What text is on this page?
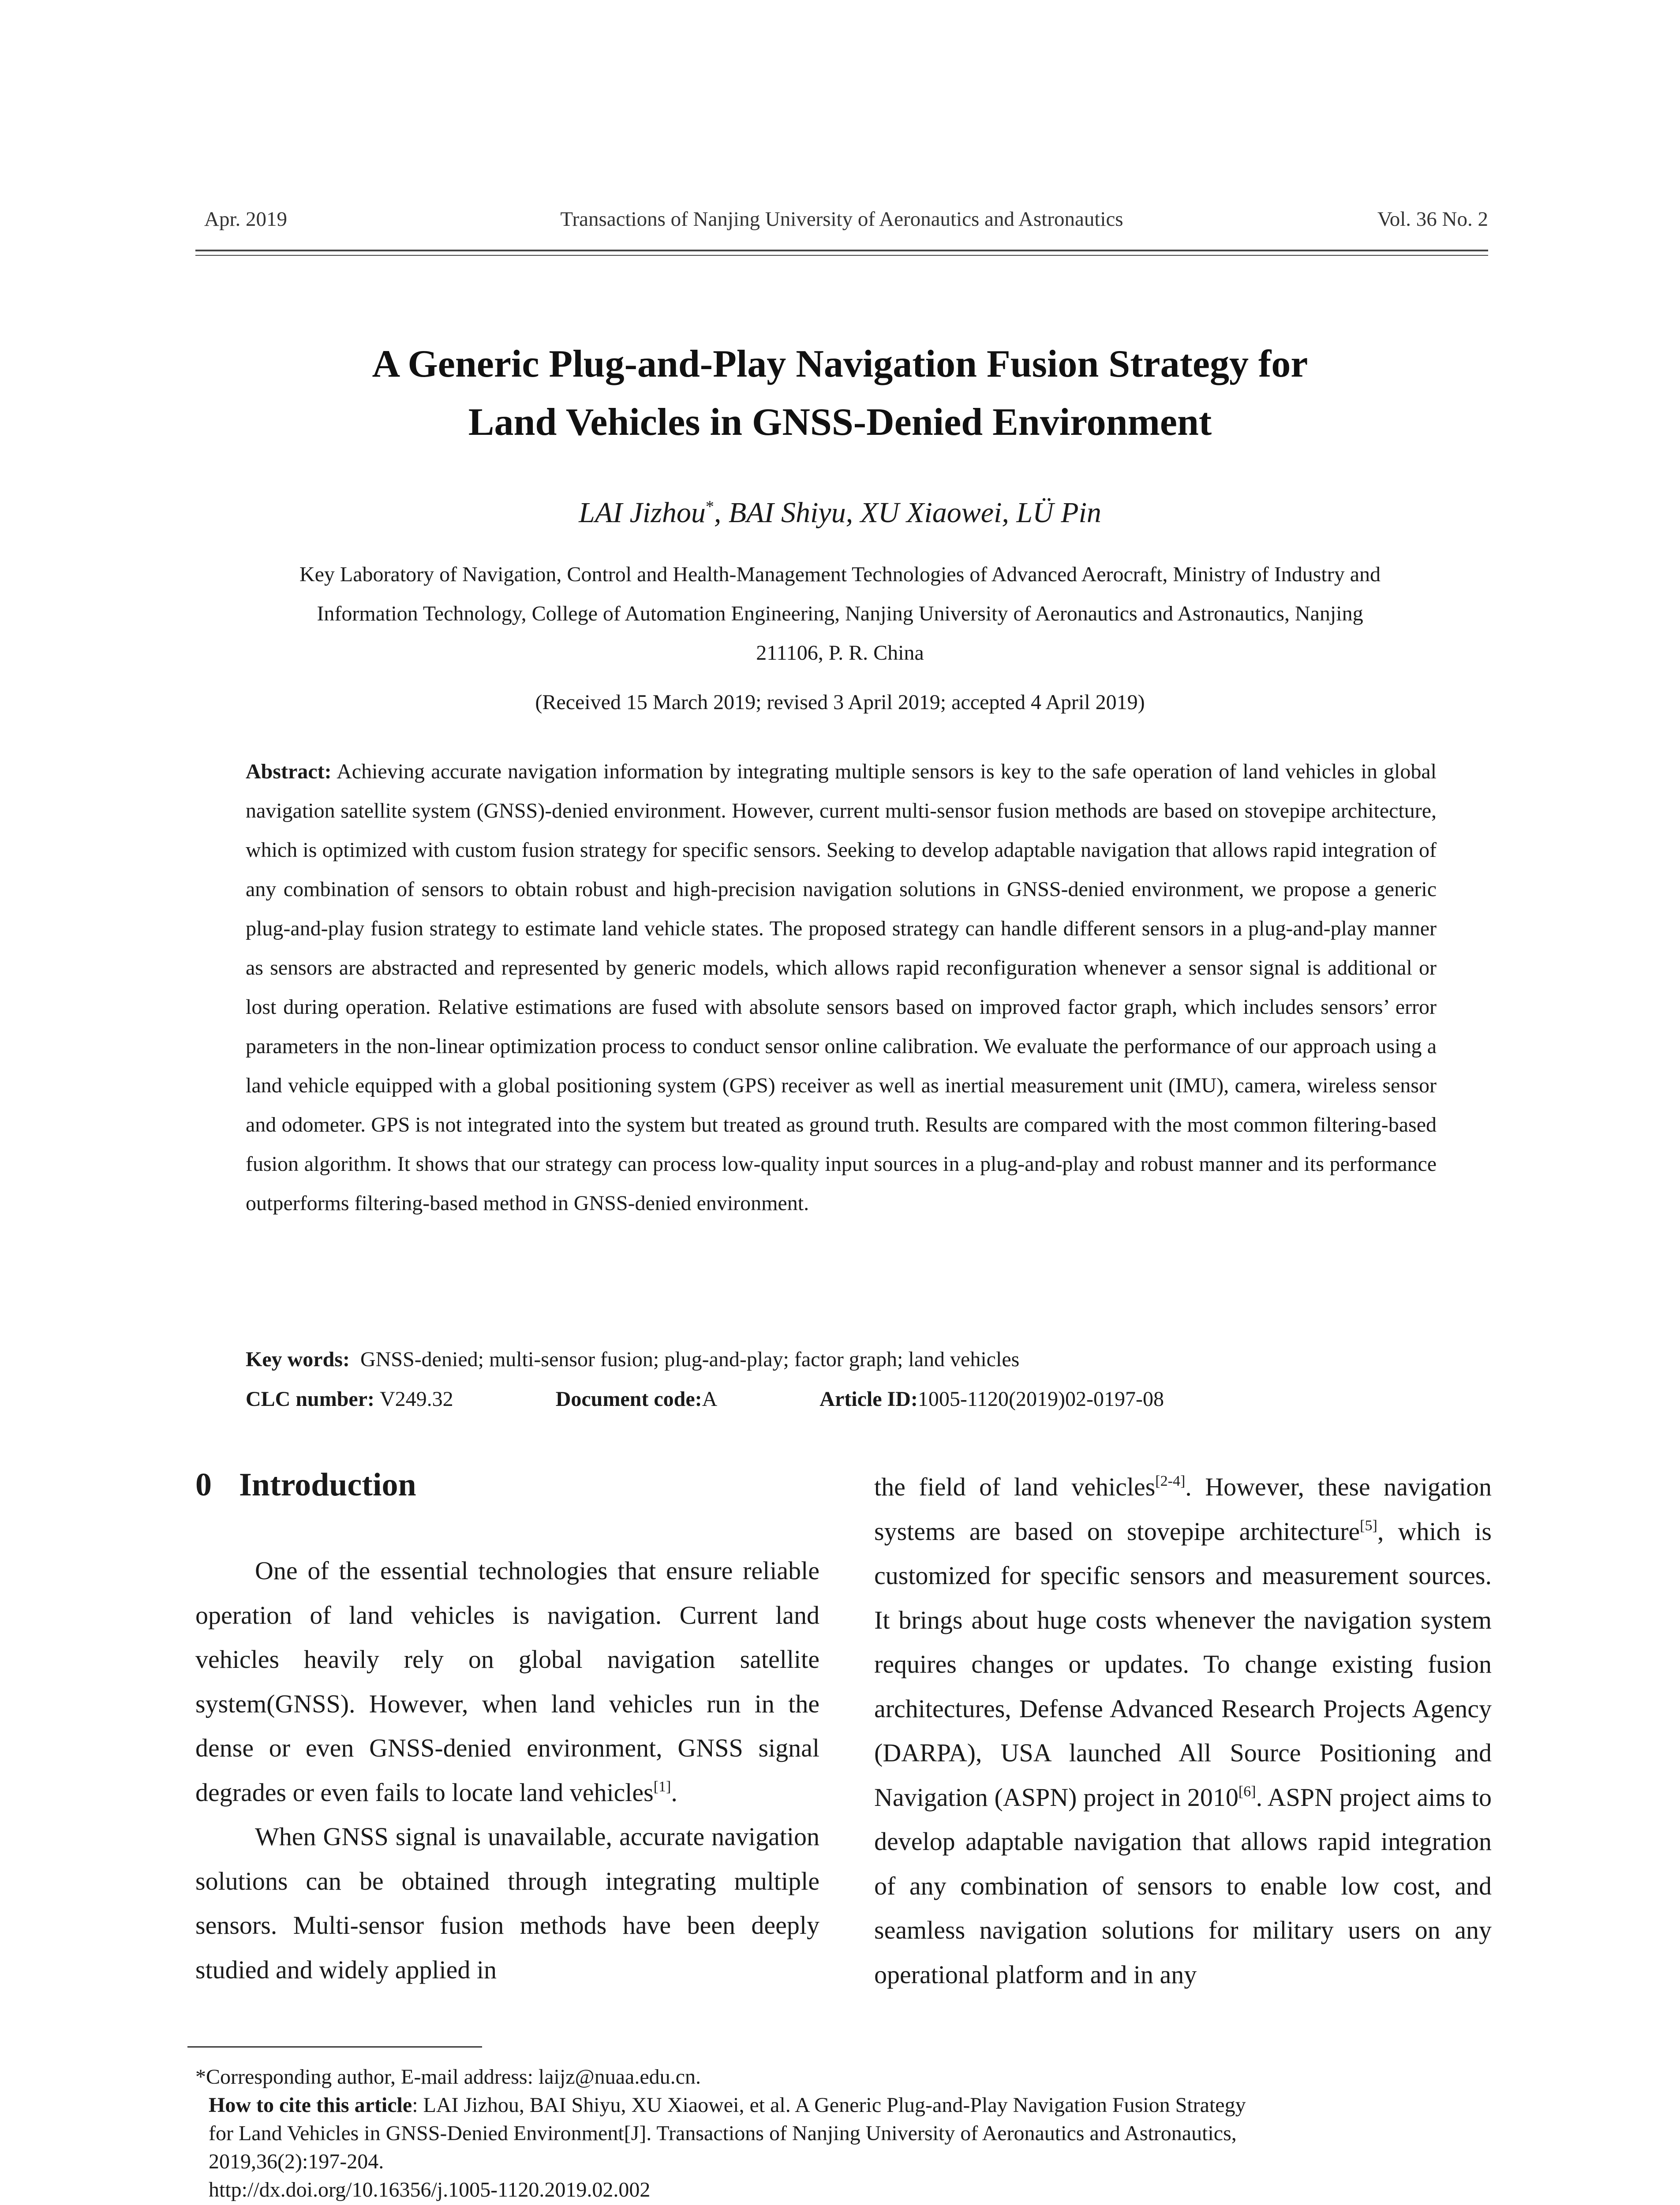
Apr. 2019	Transactions of Nanjing University of Aeronautics and Astronautics	Vol. 36 No. 2
A Generic Plug-and-Play Navigation Fusion Strategy for
Land Vehicles in GNSS-Denied Environment
LAI Jizhou*, BAI Shiyu, XU Xiaowei, LÜ Pin
Key Laboratory of Navigation, Control and Health-Management Technologies of Advanced Aerocraft, Ministry of Industry and
Information Technology, College of Automation Engineering, Nanjing University of Aeronautics and Astronautics, Nanjing
211106, P. R. China
(Received 15 March 2019; revised 3 April 2019; accepted 4 April 2019)
Abstract: Achieving accurate navigation information by integrating multiple sensors is key to the safe operation of land vehicles in global navigation satellite system (GNSS)-denied environment. However, current multi-sensor fusion methods are based on stovepipe architecture, which is optimized with custom fusion strategy for specific sensors. Seeking to develop adaptable navigation that allows rapid integration of any combination of sensors to obtain robust and high-precision navigation solutions in GNSS-denied environment, we propose a generic plug-and-play fusion strategy to estimate land vehicle states. The proposed strategy can handle different sensors in a plug-and-play manner as sensors are abstracted and represented by generic models, which allows rapid reconfiguration whenever a sensor signal is additional or lost during operation. Relative estimations are fused with absolute sensors based on improved factor graph, which includes sensors’ error parameters in the non-linear optimization process to conduct sensor online calibration. We evaluate the performance of our approach using a land vehicle equipped with a global positioning system (GPS) receiver as well as inertial measurement unit (IMU), camera, wireless sensor and odometer. GPS is not integrated into the system but treated as ground truth. Results are compared with the most common filtering-based fusion algorithm. It shows that our strategy can process low-quality input sources in a plug-and-play and robust manner and its performance outperforms filtering-based method in GNSS-denied environment.
Key words: GNSS-denied; multi-sensor fusion; plug-and-play; factor graph; land vehicles
CLC number: V249.32	Document code:A	Article ID:1005-1120(2019)02-0197-08
0 Introduction

One of the essential technologies that ensure reliable operation of land vehicles is navigation. Current land vehicles heavily rely on global navigation satellite system(GNSS). However, when land vehicles run in the dense or even GNSS-denied environment, GNSS signal degrades or even fails to locate land vehicles[1].

When GNSS signal is unavailable, accurate navigation solutions can be obtained through integrating multiple sensors. Multi-sensor fusion methods have been deeply studied and widely applied in

the field of land vehicles[2-4]. However, these navigation systems are based on stovepipe architecture[5], which is customized for specific sensors and measurement sources. It brings about huge costs whenever the navigation system requires changes or updates. To change existing fusion architectures, Defense Advanced Research Projects Agency (DARPA), USA launched All Source Positioning and Navigation (ASPN) project in 2010[6]. ASPN project aims to develop adaptable navigation that allows rapid integration of any combination of sensors to enable low cost, and seamless navigation solutions for military users on any operational platform and in any

*Corresponding author, E-mail address: laijz@nuaa.edu.cn.
How to cite this article: LAI Jizhou, BAI Shiyu, XU Xiaowei, et al. A Generic Plug-and-Play Navigation Fusion Strategy
for Land Vehicles in GNSS-Denied Environment[J]. Transactions of Nanjing University of Aeronautics and Astronautics,
2019,36(2):197-204.
http://dx.doi.org/10.16356/j.1005-1120.2019.02.002
